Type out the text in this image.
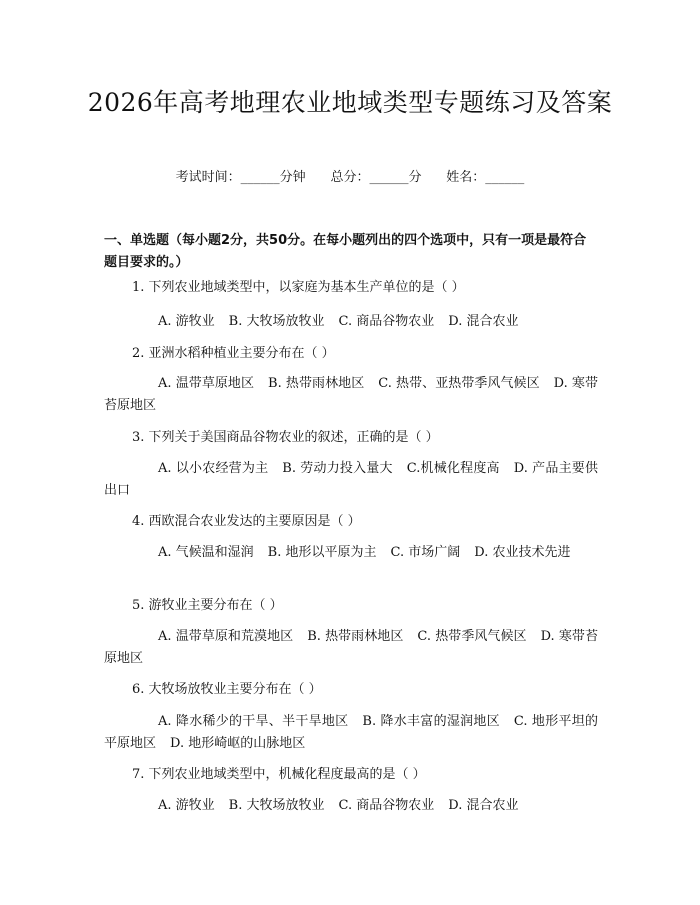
2026年高考地理农业地域类型专题练习及答案
考试时间：______分钟 总分：______分 姓名：______
一、单选题（每小题2分，共50分。在每小题列出的四个选项中，只有一项是最符合题目要求的。）
1. 下列农业地域类型中，以家庭为基本生产单位的是（ ）
A. 游牧业 B. 大牧场放牧业 C. 商品谷物农业 D. 混合农业
2. 亚洲水稻种植业主要分布在（ ）
A. 温带草原地区 B. 热带雨林地区 C. 热带、亚热带季风气候区 D. 寒带苔原地区
3. 下列关于美国商品谷物农业的叙述，正确的是（ ）
A. 以小农经营为主 B. 劳动力投入量大 C.机械化程度高 D. 产品主要供出口
4. 西欧混合农业发达的主要原因是（ ）
A. 气候温和湿润 B. 地形以平原为主 C. 市场广阔 D. 农业技术先进
5. 游牧业主要分布在（ ）
A. 温带草原和荒漠地区 B. 热带雨林地区 C. 热带季风气候区 D. 寒带苔原地区
6. 大牧场放牧业主要分布在（ ）
A. 降水稀少的干旱、半干旱地区 B. 降水丰富的湿润地区 C. 地形平坦的平原地区 D. 地形崎岖的山脉地区
7. 下列农业地域类型中，机械化程度最高的是（ ）
A. 游牧业 B. 大牧场放牧业 C. 商品谷物农业 D. 混合农业
